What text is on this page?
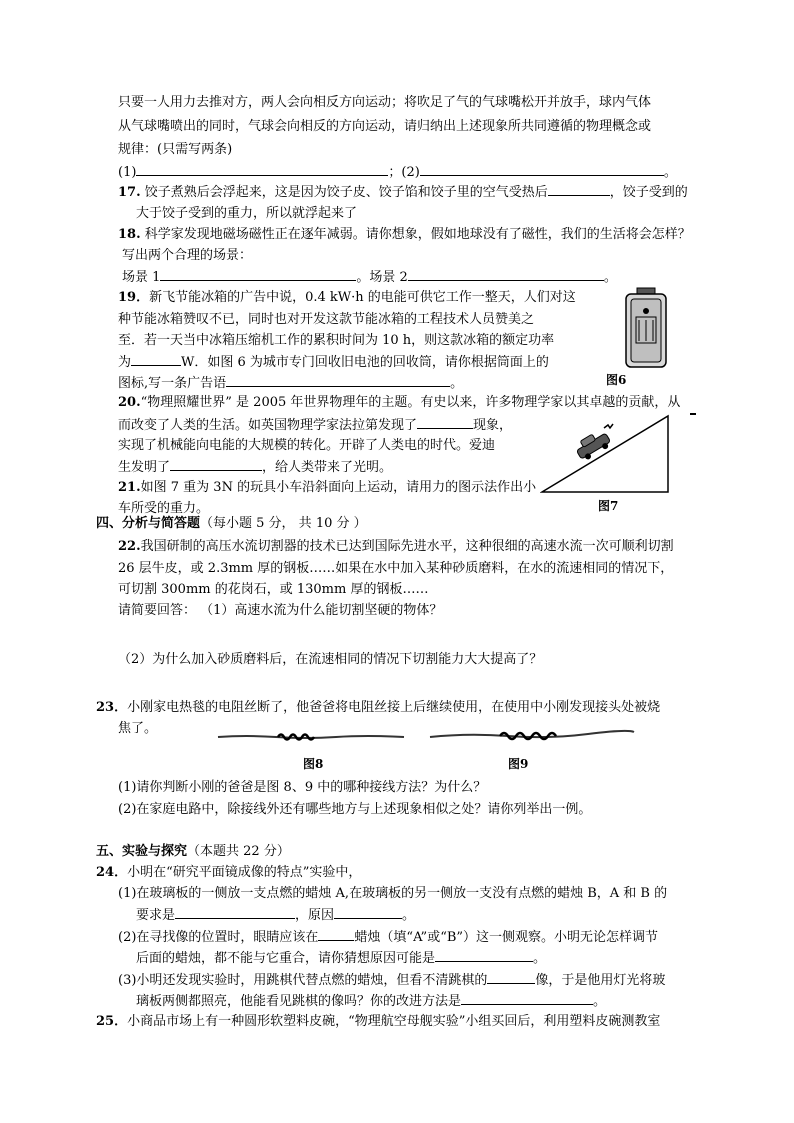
只要一人用力去推对方，两人会向相反方向运动；将吹足了气的气球嘴松开并放手，球内气体
从气球嘴喷出的同时，气球会向相反的方向运动，请归纳出上述现象所共同遵循的物理概念或
规律：(只需写两条)
(1)	；(2)	。
17. 饺子煮熟后会浮起来，这是因为饺子皮、饺子馅和饺子里的空气受热后	，饺子受到的
大于饺子受到的重力，所以就浮起来了
18. 科学家发现地磁场磁性正在逐年减弱。请你想象，假如地球没有了磁性，我们的生活将会怎样？
写出两个合理的场景：
场景 1	。场景 2	。
19．新飞节能冰箱的广告中说，0.4 kW·h 的电能可供它工作一整天，人们对这
种节能冰箱赞叹不已，同时也对开发这款节能冰箱的工程技术人员赞美之
至．若一天当中冰箱压缩机工作的累积时间为 10 h，则这款冰箱的额定功率
为	W．如图 6 为城市专门回收旧电池的回收筒，请你根据筒面上的
图标,写一条广告语	。	图6
20.“物理照耀世界” 是 2005 年世界物理年的主题。有史以来，许多物理学家以其卓越的贡献，从
而改变了人类的生活。如英国物理学家法拉第发现了	现象，
实现了机械能向电能的大规模的转化。开辟了人类电的时代。爱迪
生发明了	，给人类带来了光明。
21.如图 7 重为 3N 的玩具小车沿斜面向上运动，请用力的图示法作出小
车所受的重力。	图7
四、分析与简答题（每小题 5 分， 共 10 分 ）
22.我国研制的高压水流切割器的技术已达到国际先进水平，这种很细的高速水流一次可顺利切割
26 层牛皮，或 2.3mm 厚的钢板……如果在水中加入某种砂质磨料，在水的流速相同的情况下，
可切割 300mm 的花岗石，或 130mm 厚的钢板……
请简要回答： （1）高速水流为什么能切割坚硬的物体？
（2）为什么加入砂质磨料后，在流速相同的情况下切割能力大大提高了？
23．小刚家电热毯的电阻丝断了，他爸爸将电阻丝接上后继续使用，在使用中小刚发现接头处被烧
焦了。
图8	图9
(1)请你判断小刚的爸爸是图 8、9 中的哪种接线方法？为什么？
(2)在家庭电路中，除接线外还有哪些地方与上述现象相似之处？请你列举出一例。
五、实验与探究（本题共 22 分）
24．小明在“研究平面镜成像的特点”实验中，
(1)在玻璃板的一侧放一支点燃的蜡烛 A,在玻璃板的另一侧放一支没有点燃的蜡烛 B，A 和 B 的
要求是	，原因	。
(2)在寻找像的位置时，眼睛应该在	蜡烛（填“A”或“B”）这一侧观察。小明无论怎样调节
后面的蜡烛，都不能与它重合，请你猜想原因可能是	。
(3)小明还发现实验时，用跳棋代替点燃的蜡烛，但看不清跳棋的	像，于是他用灯光将玻
璃板两侧都照亮，他能看见跳棋的像吗？你的改进方法是	。
25．小商品市场上有一种圆形软塑料皮碗，“物理航空母舰实验”小组买回后，利用塑料皮碗测教室
